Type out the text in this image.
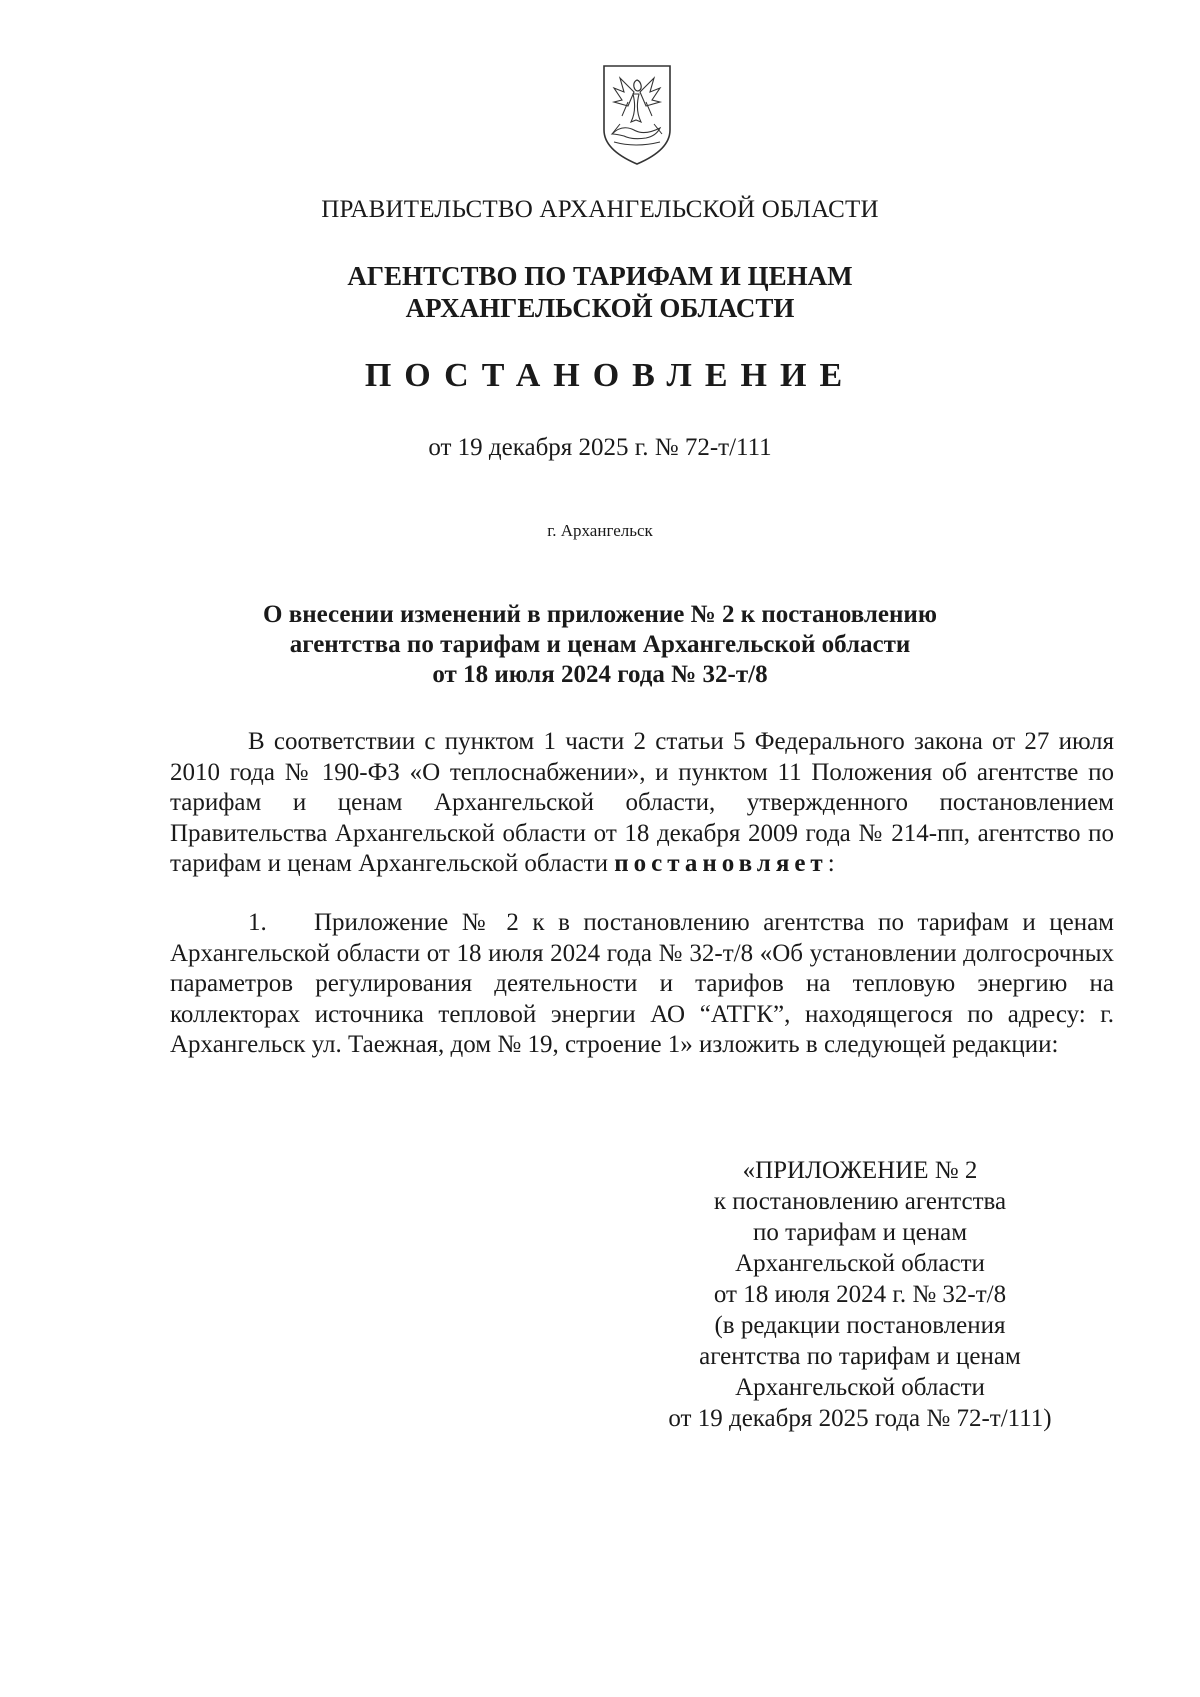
ПРАВИТЕЛЬСТВО АРХАНГЕЛЬСКОЙ ОБЛАСТИ
АГЕНТСТВО ПО ТАРИФАМ И ЦЕНАМ
АРХАНГЕЛЬСКОЙ ОБЛАСТИ
ПОСТАНОВЛЕНИЕ
от 19 декабря 2025 г. № 72-т/111
г. Архангельск
О внесении изменений в приложение № 2 к постановлению
агентства по тарифам и ценам Архангельской области
от 18 июля 2024 года № 32-т/8
В соответствии с пунктом 1 части 2 статьи 5 Федерального закона от 27 июля 2010 года № 190-ФЗ «О теплоснабжении», и пунктом 11 Положения об агентстве по тарифам и ценам Архангельской области, утвержденного постановлением Правительства Архангельской области от 18 декабря 2009 года № 214-пп, агентство по тарифам и ценам Архангельской области постановляет:
1. Приложение № 2 к в постановлению агентства по тарифам и ценам Архангельской области от 18 июля 2024 года № 32-т/8 «Об установлении долгосрочных параметров регулирования деятельности и тарифов на тепловую энергию на коллекторах источника тепловой энергии АО “АТГК”, находящегося по адресу: г. Архангельск ул. Таежная, дом № 19, строение 1» изложить в следующей редакции:
«ПРИЛОЖЕНИЕ № 2
к постановлению агентства
по тарифам и ценам
Архангельской области
от 18 июля 2024 г. № 32-т/8
(в редакции постановления
агентства по тарифам и ценам
Архангельской области
от 19 декабря 2025 года № 72-т/111)
